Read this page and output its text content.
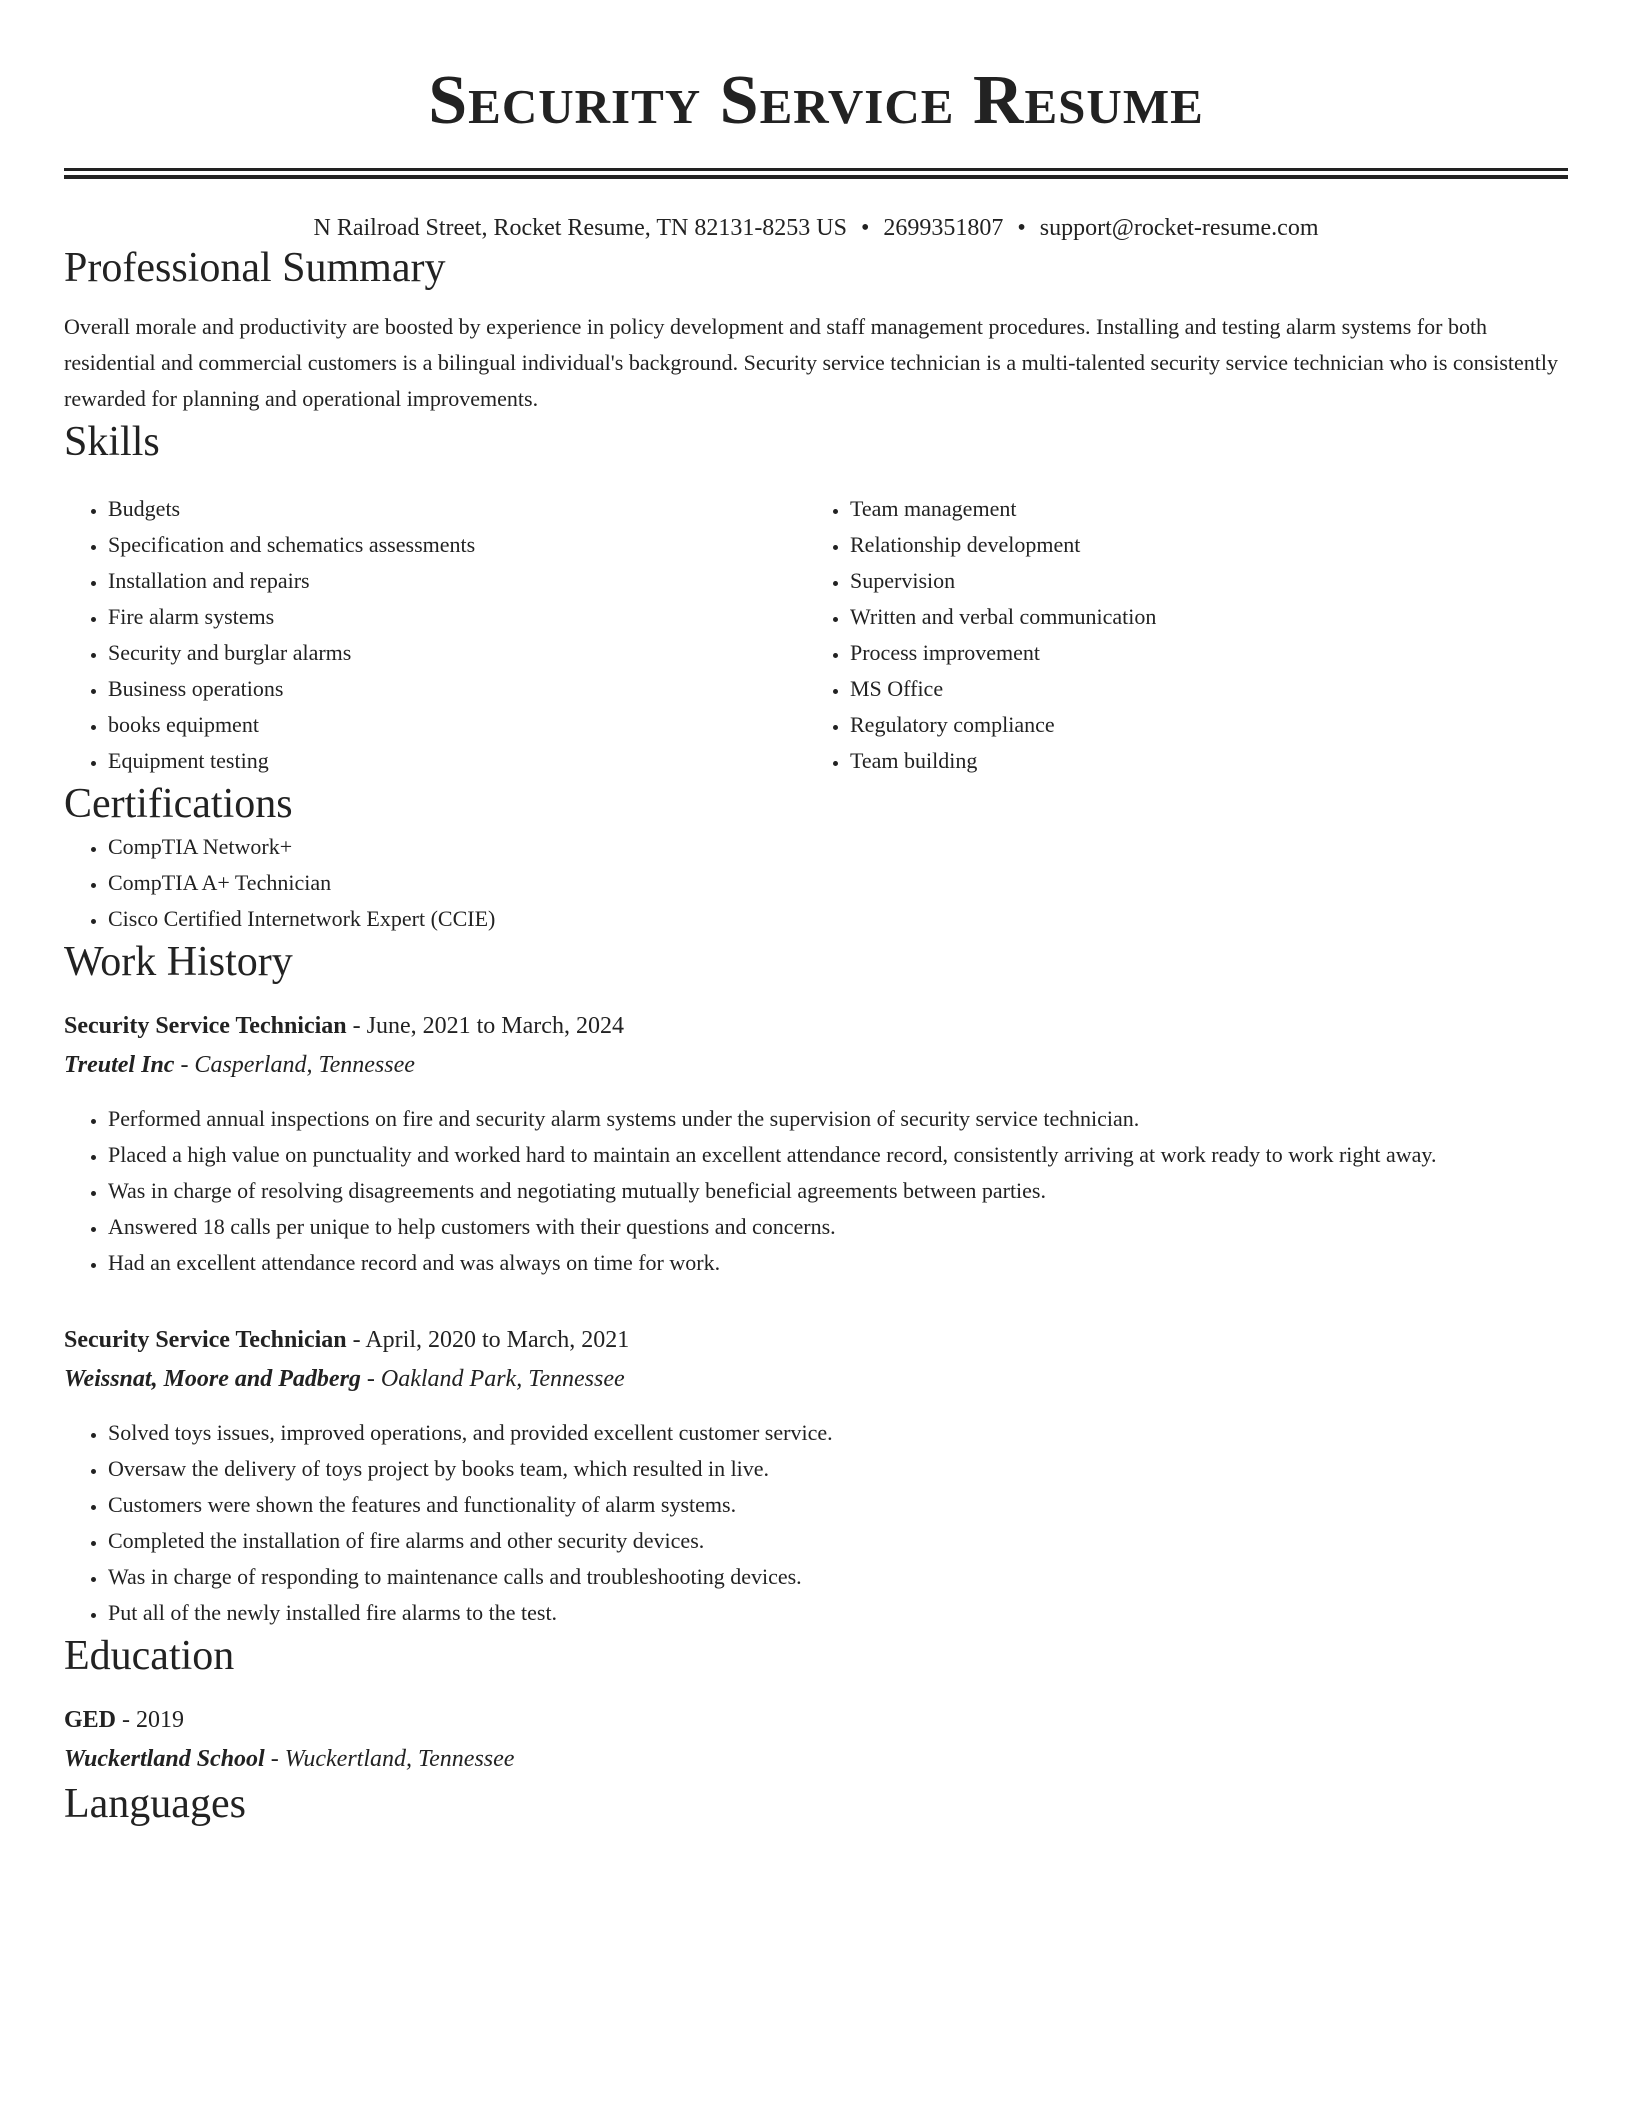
Security Service Resume
N Railroad Street, Rocket Resume, TN 82131-8253 US • 2699351807 • support@rocket-resume.com
Professional Summary
Overall morale and productivity are boosted by experience in policy development and staff management procedures. Installing and testing alarm systems for both residential and commercial customers is a bilingual individual's background. Security service technician is a multi-talented security service technician who is consistently rewarded for planning and operational improvements.
Skills
• Budgets
• Specification and schematics assessments
• Installation and repairs
• Fire alarm systems
• Security and burglar alarms
• Business operations
• books equipment
• Equipment testing
• Team management
• Relationship development
• Supervision
• Written and verbal communication
• Process improvement
• MS Office
• Regulatory compliance
• Team building
Certifications
• CompTIA Network+
• CompTIA A+ Technician
• Cisco Certified Internetwork Expert (CCIE)
Work History
Security Service Technician - June, 2021 to March, 2024
Treutel Inc - Casperland, Tennessee
• Performed annual inspections on fire and security alarm systems under the supervision of security service technician.
• Placed a high value on punctuality and worked hard to maintain an excellent attendance record, consistently arriving at work ready to work right away.
• Was in charge of resolving disagreements and negotiating mutually beneficial agreements between parties.
• Answered 18 calls per unique to help customers with their questions and concerns.
• Had an excellent attendance record and was always on time for work.
Security Service Technician - April, 2020 to March, 2021
Weissnat, Moore and Padberg - Oakland Park, Tennessee
• Solved toys issues, improved operations, and provided excellent customer service.
• Oversaw the delivery of toys project by books team, which resulted in live.
• Customers were shown the features and functionality of alarm systems.
• Completed the installation of fire alarms and other security devices.
• Was in charge of responding to maintenance calls and troubleshooting devices.
• Put all of the newly installed fire alarms to the test.
Education
GED - 2019
Wuckertland School - Wuckertland, Tennessee
Languages
